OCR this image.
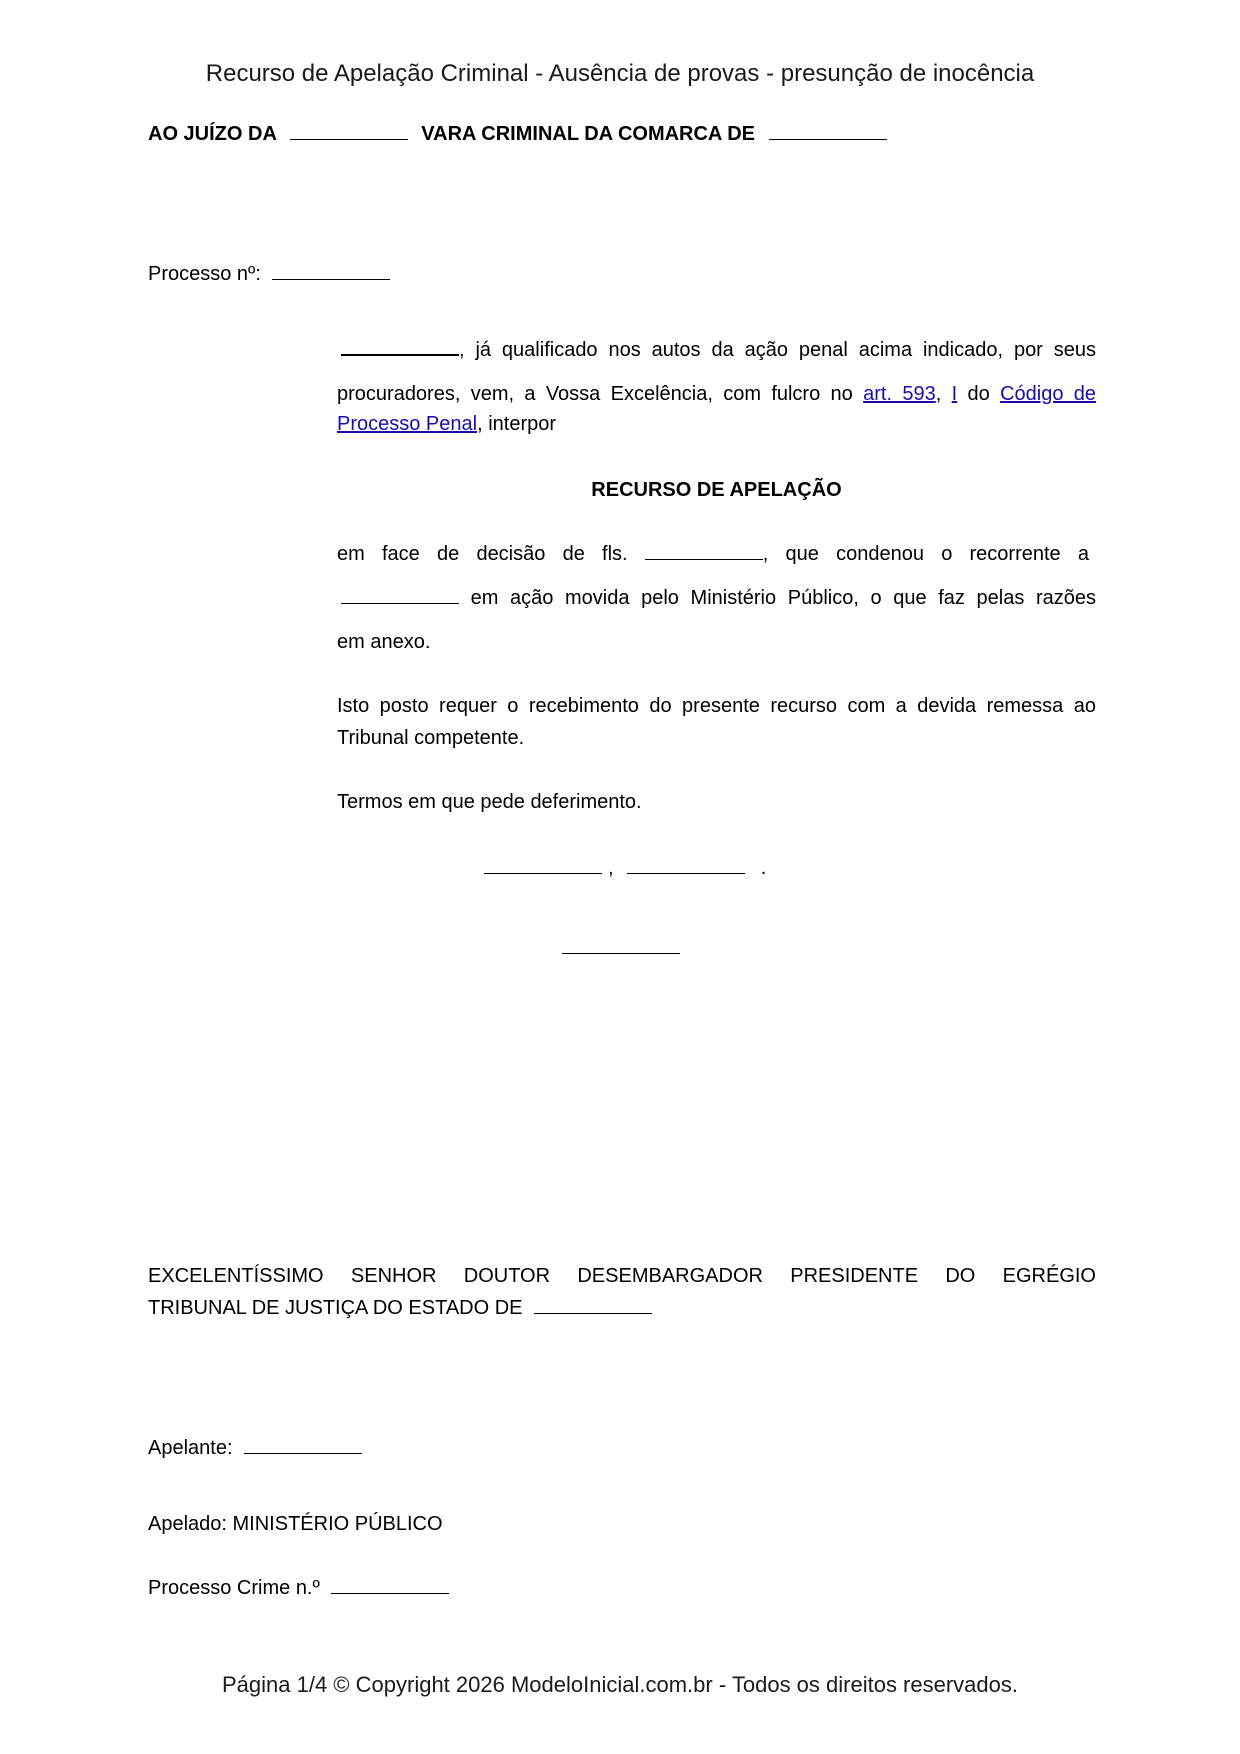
Recurso de Apelação Criminal - Ausência de provas - presunção de inocência
AO JUÍZO DA	VARA CRIMINAL DA COMARCA DE
Processo nº:
, já qualificado nos autos da ação penal acima indicado, por seus
procuradores, vem, a Vossa Excelência, com fulcro no art. 593, I do Código de
Processo Penal, interpor
RECURSO DE APELAÇÃO
em face de decisão de fls.	, que condenou o recorrente a
em ação movida pelo Ministério Público, o que faz pelas razões
em anexo.
Isto posto requer o recebimento do presente recurso com a devida remessa ao
Tribunal competente.
Termos em que pede deferimento.
,	.
EXCELENTÍSSIMO SENHOR DOUTOR DESEMBARGADOR PRESIDENTE DO EGRÉGIO
TRIBUNAL DE JUSTIÇA DO ESTADO DE
Apelante:
Apelado: MINISTÉRIO PÚBLICO
Processo Crime n.º
Página 1/4 © Copyright 2026 ModeloInicial.com.br - Todos os direitos reservados.
